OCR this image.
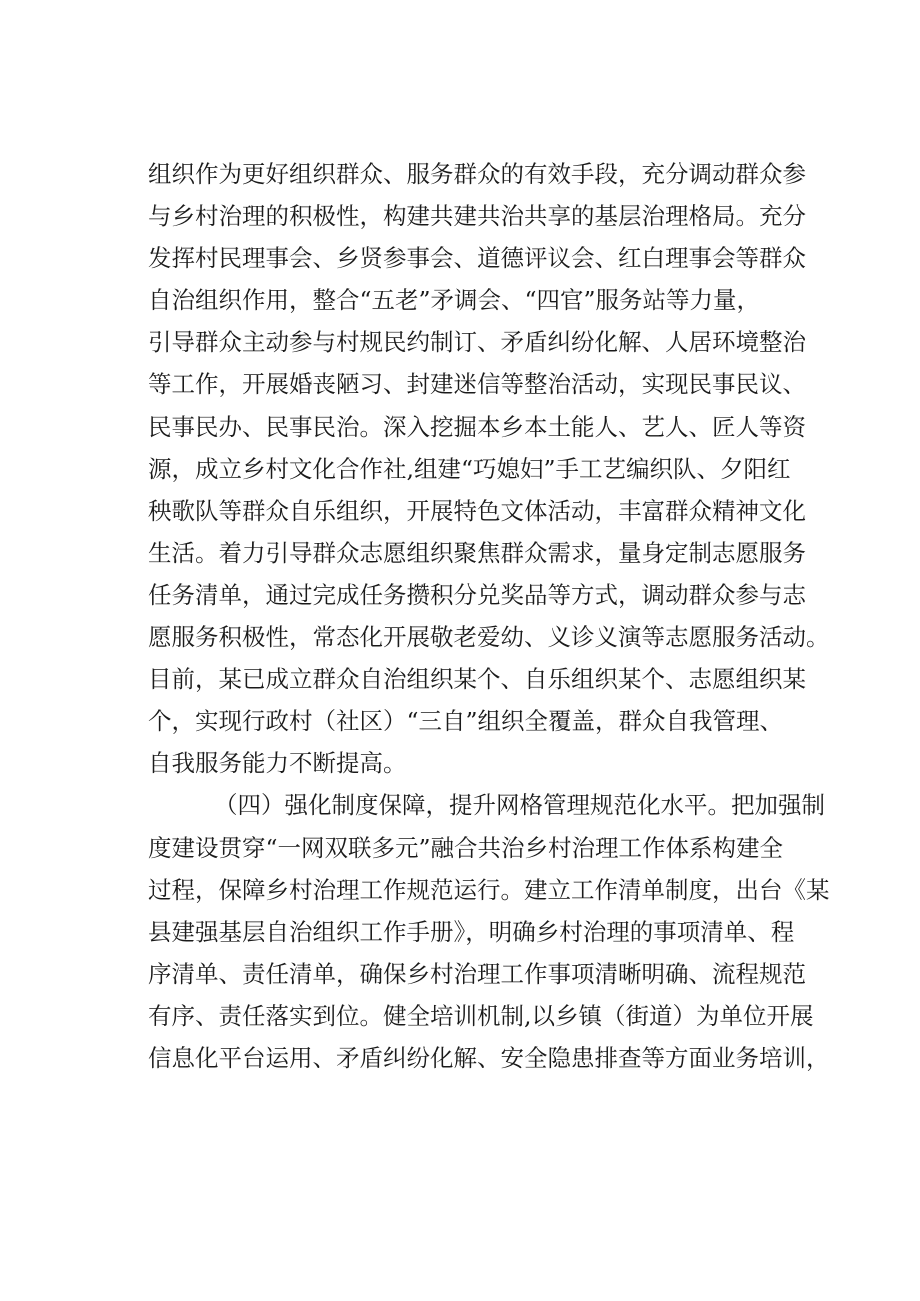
组织作为更好组织群众、服务群众的有效手段，充分调动群众参
与乡村治理的积极性，构建共建共治共享的基层治理格局。充分
发挥村民理事会、乡贤参事会、道德评议会、红白理事会等群众
自治组织作用，整合“五老”矛调会、“四官”服务站等力量，
引导群众主动参与村规民约制订、矛盾纠纷化解、人居环境整治
等工作，开展婚丧陋习、封建迷信等整治活动，实现民事民议、
民事民办、民事民治。深入挖掘本乡本土能人、艺人、匠人等资
源，成立乡村文化合作社,组建“巧媳妇”手工艺编织队、夕阳红
秧歌队等群众自乐组织，开展特色文体活动，丰富群众精神文化
生活。着力引导群众志愿组织聚焦群众需求，量身定制志愿服务
任务清单，通过完成任务攒积分兑奖品等方式，调动群众参与志
愿服务积极性，常态化开展敬老爱幼、义诊义演等志愿服务活动。
目前，某已成立群众自治组织某个、自乐组织某个、志愿组织某
个，实现行政村（社区）“三自”组织全覆盖，群众自我管理、
自我服务能力不断提高。
（四）强化制度保障，提升网格管理规范化水平。把加强制
度建设贯穿“一网双联多元”融合共治乡村治理工作体系构建全
过程，保障乡村治理工作规范运行。建立工作清单制度，出台《某
县建强基层自治组织工作手册》，明确乡村治理的事项清单、程
序清单、责任清单，确保乡村治理工作事项清晰明确、流程规范
有序、责任落实到位。健全培训机制,以乡镇（街道）为单位开展
信息化平台运用、矛盾纠纷化解、安全隐患排查等方面业务培训，
